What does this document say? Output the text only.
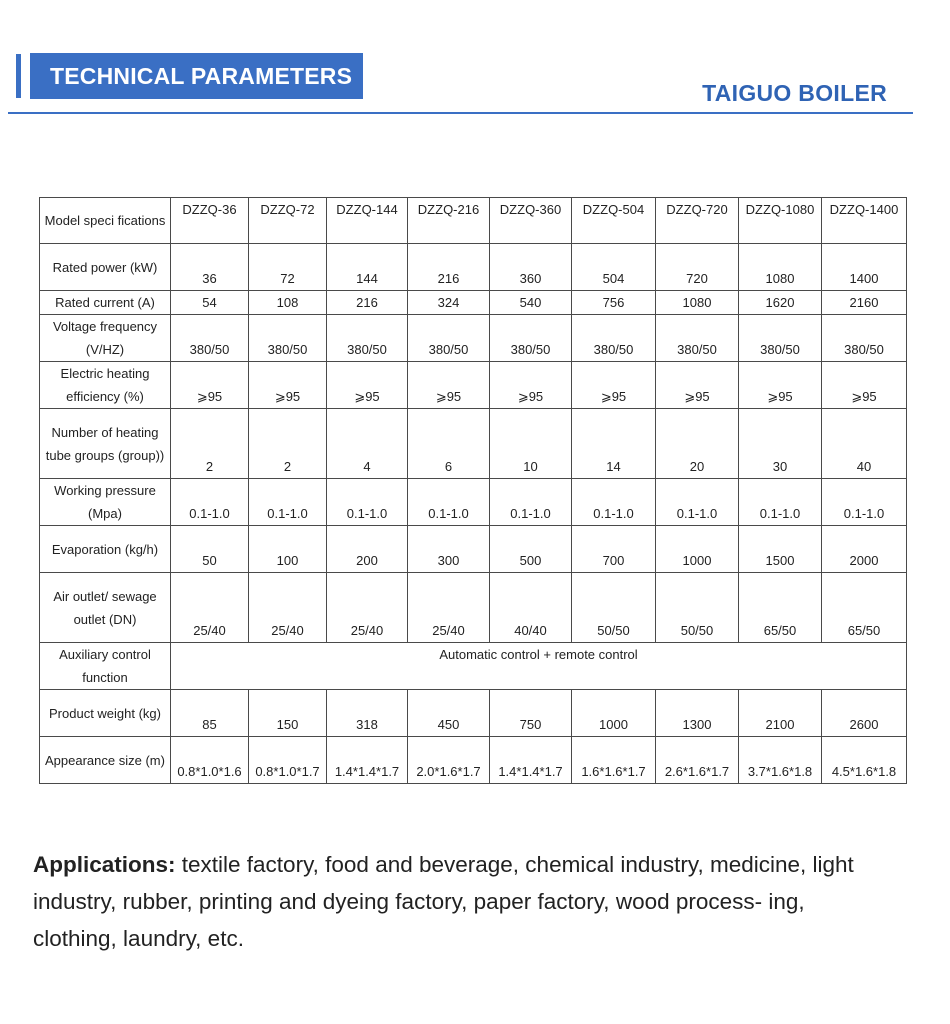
TECHNICAL PARAMETERS
TAIGUO BOILER
Model speci fications	DZZQ-36	DZZQ-72	DZZQ-144	DZZQ-216	DZZQ-360	DZZQ-504	DZZQ-720	DZZQ-1080	DZZQ-1400
Rated power (kW)	36	72	144	216	360	504	720	1080	1400
Rated current (A)	54	108	216	324	540	756	1080	1620	2160
Voltage frequency (V/HZ)	380/50	380/50	380/50	380/50	380/50	380/50	380/50	380/50	380/50
Electric heating efficiency (%)	⩾95	⩾95	⩾95	⩾95	⩾95	⩾95	⩾95	⩾95	⩾95
Number of heating tube groups (group))	2	2	4	6	10	14	20	30	40
Working pressure (Mpa)	0.1-1.0	0.1-1.0	0.1-1.0	0.1-1.0	0.1-1.0	0.1-1.0	0.1-1.0	0.1-1.0	0.1-1.0
Evaporation (kg/h)	50	100	200	300	500	700	1000	1500	2000
Air outlet/ sewage outlet (DN)	25/40	25/40	25/40	25/40	40/40	50/50	50/50	65/50	65/50
Auxiliary control function	Automatic control + remote control								
Product weight (kg)	85	150	318	450	750	1000	1300	2100	2600
Appearance size (m)	0.8*1.0*1.6	0.8*1.0*1.7	1.4*1.4*1.7	2.0*1.6*1.7	1.4*1.4*1.7	1.6*1.6*1.7	2.6*1.6*1.7	3.7*1.6*1.8	4.5*1.6*1.8
Applications: textile factory, food and beverage, chemical industry, medicine, light industry, rubber, printing and dyeing factory, paper factory, wood process- ing, clothing, laundry, etc.
